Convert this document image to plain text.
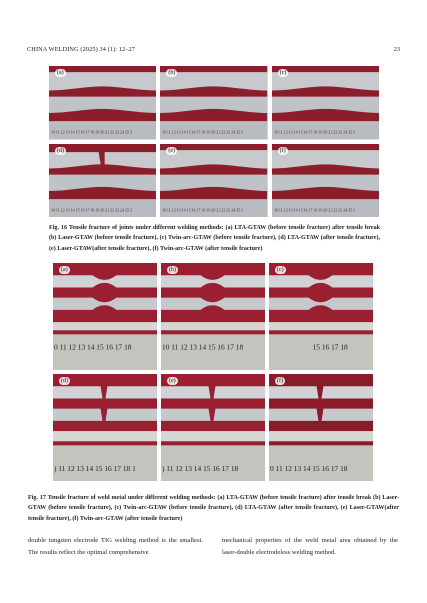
CHINA WELDING (2025) 34 (1): 12–27	23
(a)
10 11 12 13 14 15 16 17 18 19 20 21 22 23 24 25 2
(b)
10 11 12 13 14 15 16 17 18 19 20 21 22 23 24 25 2
(c)
10 11 12 13 14 15 16 17 18 19 20 21 22 23 24 25 2
(d)
10 11 12 13 14 15 16 17 18 19 20 21 22 23 24 25 2
(e)
10 11 12 13 14 15 16 17 18 19 20 21 22 23 24 25 2
(f)
10 11 12 13 14 15 16 17 18 19 20 21 22 23 24 25 2
Fig. 16 Tensile fracture of joints under different welding methods: (a) LTA-GTAW (before tensile fracture) after tensile break (b) Laser-GTAW (before tensile fracture), (c) Twin-arc-GTAW (before tensile fracture), (d) LTA-GTAW (after tensile fracture), (e) Laser-GTAW(after tensile fracture), (f) Twin-arc-GTAW (after tensile fracture)
(a)
0 11 12 13 14 15 16 17 18
(b)
10 11 12 13 14 15 16 17 18
(c)
15 16 17 18
(d)
) 11 12 13 14 15 16 17 18 1
(e)
) 11 12 13 14 15 16 17 18
(f)
0 11 12 13 14 15 16 17 18
Fig. 17 Tensile fracture of weld metal under different welding methods: (a) LTA-GTAW (before tensile fracture) after tensile break (b) Laser-GTAW (before tensile fracture), (c) Twin-arc-GTAW (before tensile fracture), (d) LTA-GTAW (after tensile fracture), (e) Laser-GTAW(after tensile fracture), (f) Twin-arc-GTAW (after tensile fracture)
double tungsten electrode TIG welding method is the smallest. The results reflect the optimal comprehensive
mechanical properties of the weld metal area obtained by the laser-double electrodeless welding method.
